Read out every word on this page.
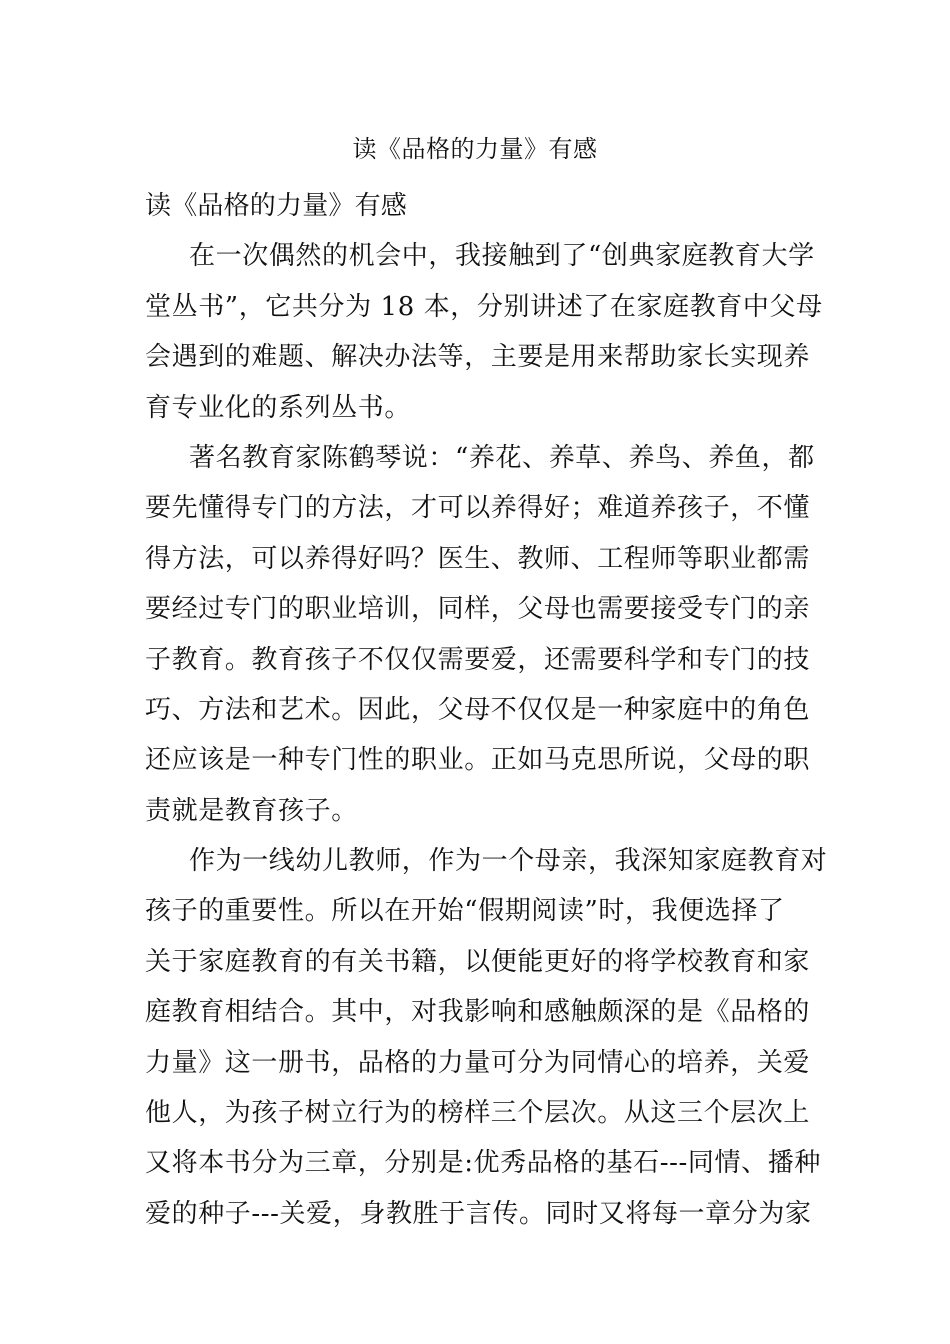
读《品格的力量》有感

读《品格的力量》有感

在一次偶然的机会中，我接触到了“创典家庭教育大学

堂丛书”，它共分为 18 本，分别讲述了在家庭教育中父母

会遇到的难题、解决办法等，主要是用来帮助家长实现养

育专业化的系列丛书。

著名教育家陈鹤琴说：“养花、养草、养鸟、养鱼，都

要先懂得专门的方法，才可以养得好；难道养孩子，不懂

得方法，可以养得好吗？医生、教师、工程师等职业都需

要经过专门的职业培训，同样，父母也需要接受专门的亲

子教育。教育孩子不仅仅需要爱，还需要科学和专门的技

巧、方法和艺术。因此，父母不仅仅是一种家庭中的角色

还应该是一种专门性的职业。正如马克思所说，父母的职

责就是教育孩子。

作为一线幼儿教师，作为一个母亲，我深知家庭教育对

孩子的重要性。所以在开始“假期阅读”时，我便选择了

关于家庭教育的有关书籍，以便能更好的将学校教育和家

庭教育相结合。其中，对我影响和感触颇深的是《品格的

力量》这一册书，品格的力量可分为同情心的培养，关爱

他人，为孩子树立行为的榜样三个层次。从这三个层次上

又将本书分为三章，分别是:优秀品格的基石---同情、播种

爱的种子---关爱，身教胜于言传。同时又将每一章分为家
